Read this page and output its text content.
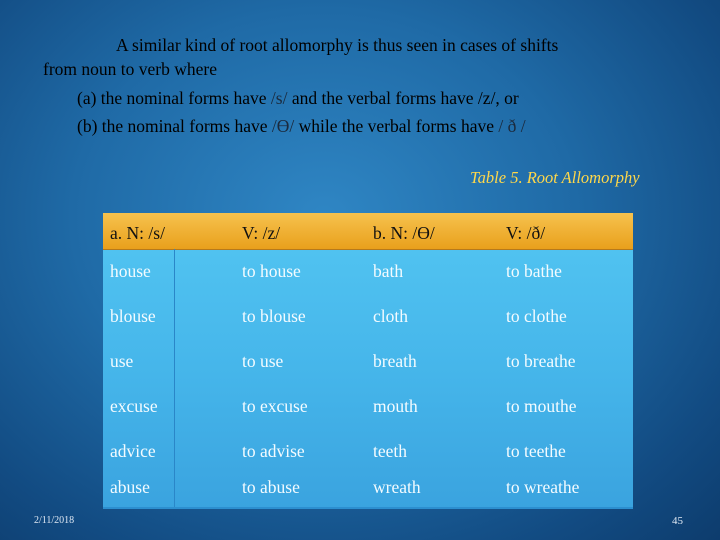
A similar kind of root allomorphy is thus seen in cases of shifts
from noun to verb where
(a) the nominal forms have /s/ and the verbal forms have /z/, or
(b) the nominal forms have /Ө/ while the verbal forms have / ð /
Table 5. Root Allomorphy
a. N: /s/	V: /z/	b. N: /Ө/	V: /ð/
house	to house	bath	to bathe
blouse	to blouse	cloth	to clothe
use	to use	breath	to breathe
excuse	to excuse	mouth	to mouthe
advice	to advise	teeth	to teethe
abuse	to abuse	wreath	to wreathe
2/11/2018	45
